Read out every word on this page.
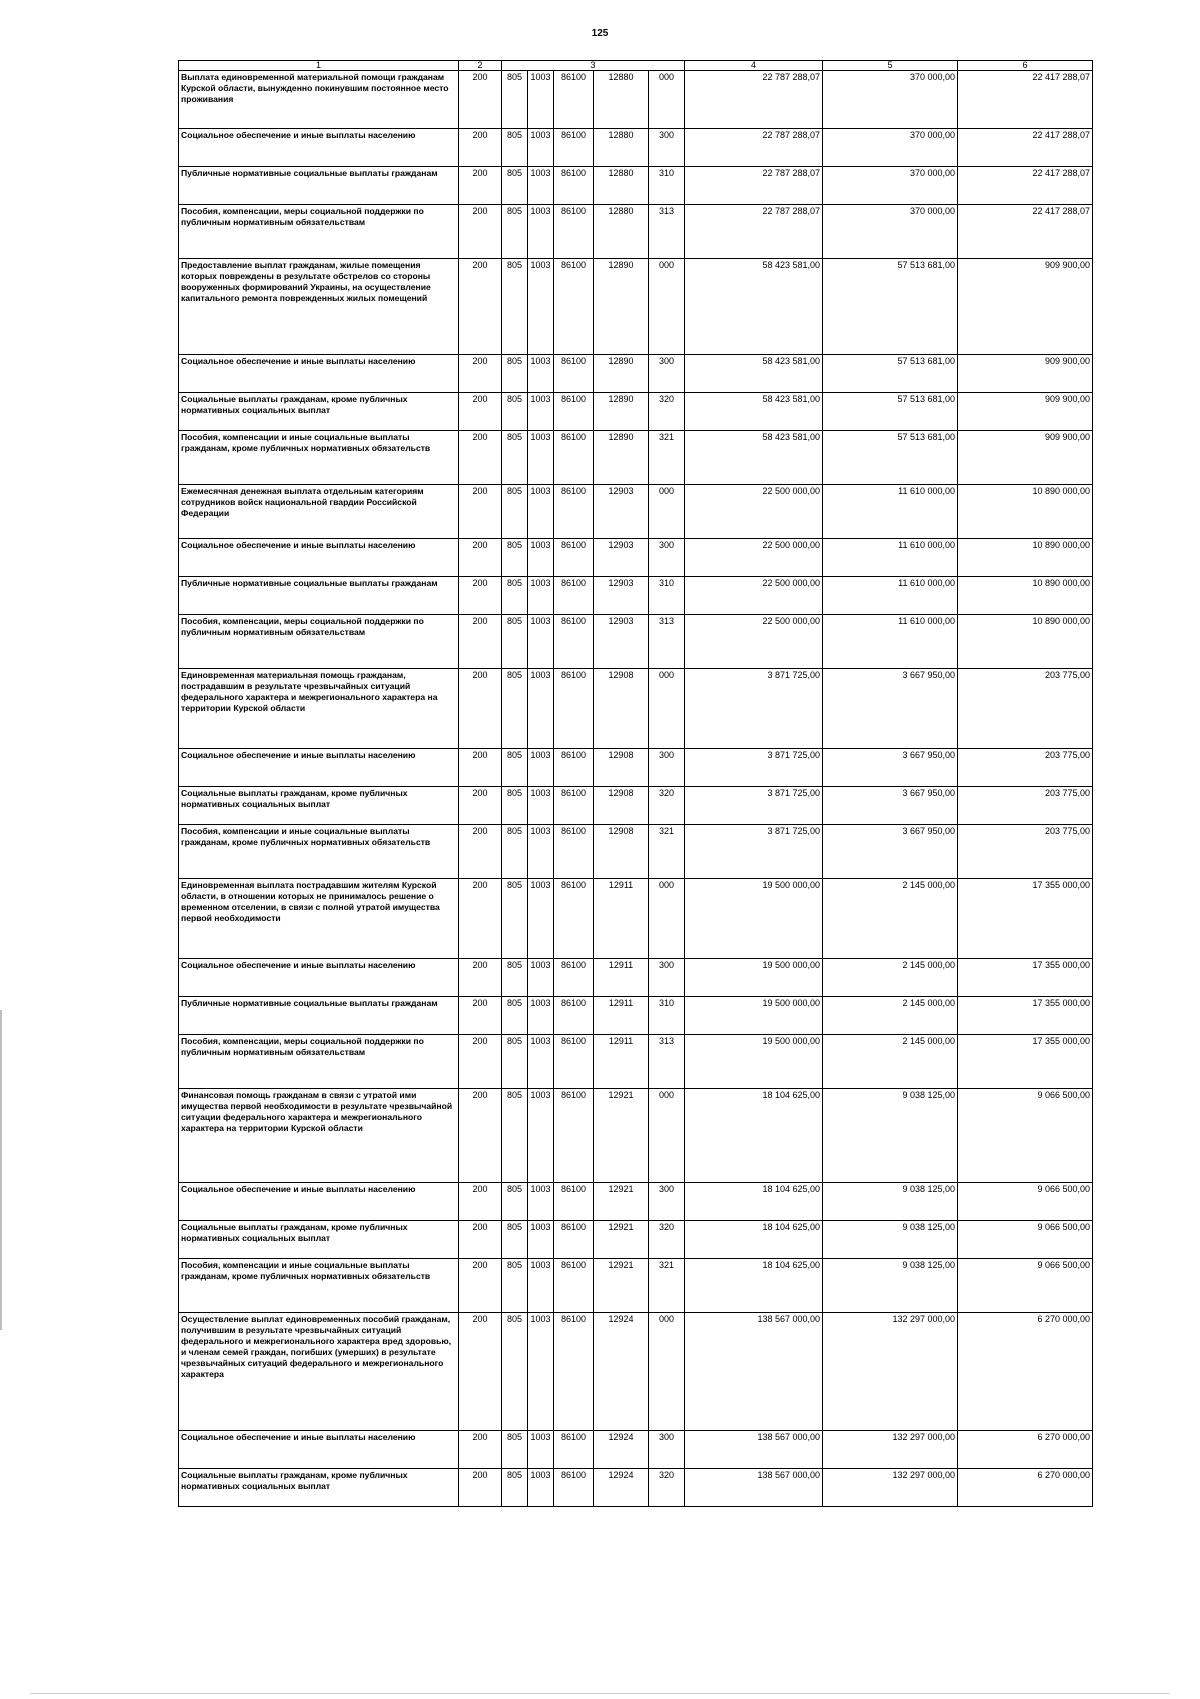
125
1	2	3					4	5	6
Выплата единовременной материальной помощи гражданам Курской области, вынужденно покинувшим постоянное место проживания	200	805	1003	86100	12880	000	22 787 288,07	370 000,00	22 417 288,07
Социальное обеспечение и иные выплаты населению	200	805	1003	86100	12880	300	22 787 288,07	370 000,00	22 417 288,07
Публичные нормативные социальные выплаты гражданам	200	805	1003	86100	12880	310	22 787 288,07	370 000,00	22 417 288,07
Пособия, компенсации, меры социальной поддержки по публичным нормативным обязательствам	200	805	1003	86100	12880	313	22 787 288,07	370 000,00	22 417 288,07
Предоставление выплат гражданам, жилые помещения которых повреждены в результате обстрелов со стороны вооруженных формирований Украины, на осуществление капитального ремонта поврежденных жилых помещений	200	805	1003	86100	12890	000	58 423 581,00	57 513 681,00	909 900,00
Социальное обеспечение и иные выплаты населению	200	805	1003	86100	12890	300	58 423 581,00	57 513 681,00	909 900,00
Социальные выплаты гражданам, кроме публичных нормативных социальных выплат	200	805	1003	86100	12890	320	58 423 581,00	57 513 681,00	909 900,00
Пособия, компенсации и иные социальные выплаты гражданам, кроме публичных нормативных обязательств	200	805	1003	86100	12890	321	58 423 581,00	57 513 681,00	909 900,00
Ежемесячная денежная выплата отдельным категориям сотрудников войск национальной гвардии Российской Федерации	200	805	1003	86100	12903	000	22 500 000,00	11 610 000,00	10 890 000,00
Социальное обеспечение и иные выплаты населению	200	805	1003	86100	12903	300	22 500 000,00	11 610 000,00	10 890 000,00
Публичные нормативные социальные выплаты гражданам	200	805	1003	86100	12903	310	22 500 000,00	11 610 000,00	10 890 000,00
Пособия, компенсации, меры социальной поддержки по публичным нормативным обязательствам	200	805	1003	86100	12903	313	22 500 000,00	11 610 000,00	10 890 000,00
Единовременная материальная помощь гражданам, пострадавшим в результате чрезвычайных ситуаций федерального характера и межрегионального характера на территории Курской области	200	805	1003	86100	12908	000	3 871 725,00	3 667 950,00	203 775,00
Социальное обеспечение и иные выплаты населению	200	805	1003	86100	12908	300	3 871 725,00	3 667 950,00	203 775,00
Социальные выплаты гражданам, кроме публичных нормативных социальных выплат	200	805	1003	86100	12908	320	3 871 725,00	3 667 950,00	203 775,00
Пособия, компенсации и иные социальные выплаты гражданам, кроме публичных нормативных обязательств	200	805	1003	86100	12908	321	3 871 725,00	3 667 950,00	203 775,00
Единовременная выплата пострадавшим жителям Курской области, в отношении которых не принималось решение о временном отселении, в связи с полной утратой имущества первой необходимости	200	805	1003	86100	12911	000	19 500 000,00	2 145 000,00	17 355 000,00
Социальное обеспечение и иные выплаты населению	200	805	1003	86100	12911	300	19 500 000,00	2 145 000,00	17 355 000,00
Публичные нормативные социальные выплаты гражданам	200	805	1003	86100	12911	310	19 500 000,00	2 145 000,00	17 355 000,00
Пособия, компенсации, меры социальной поддержки по публичным нормативным обязательствам	200	805	1003	86100	12911	313	19 500 000,00	2 145 000,00	17 355 000,00
Финансовая помощь гражданам в связи с утратой ими имущества первой необходимости в результате чрезвычайной ситуации федерального характера и межрегионального характера на территории Курской области	200	805	1003	86100	12921	000	18 104 625,00	9 038 125,00	9 066 500,00
Социальное обеспечение и иные выплаты населению	200	805	1003	86100	12921	300	18 104 625,00	9 038 125,00	9 066 500,00
Социальные выплаты гражданам, кроме публичных нормативных социальных выплат	200	805	1003	86100	12921	320	18 104 625,00	9 038 125,00	9 066 500,00
Пособия, компенсации и иные социальные выплаты гражданам, кроме публичных нормативных обязательств	200	805	1003	86100	12921	321	18 104 625,00	9 038 125,00	9 066 500,00
Осуществление выплат единовременных пособий гражданам, получившим в результате чрезвычайных ситуаций федерального и межрегионального характера вред здоровью, и членам семей граждан, погибших (умерших) в результате чрезвычайных ситуаций федерального и межрегионального характера	200	805	1003	86100	12924	000	138 567 000,00	132 297 000,00	6 270 000,00
Социальное обеспечение и иные выплаты населению	200	805	1003	86100	12924	300	138 567 000,00	132 297 000,00	6 270 000,00
Социальные выплаты гражданам, кроме публичных нормативных социальных выплат	200	805	1003	86100	12924	320	138 567 000,00	132 297 000,00	6 270 000,00
